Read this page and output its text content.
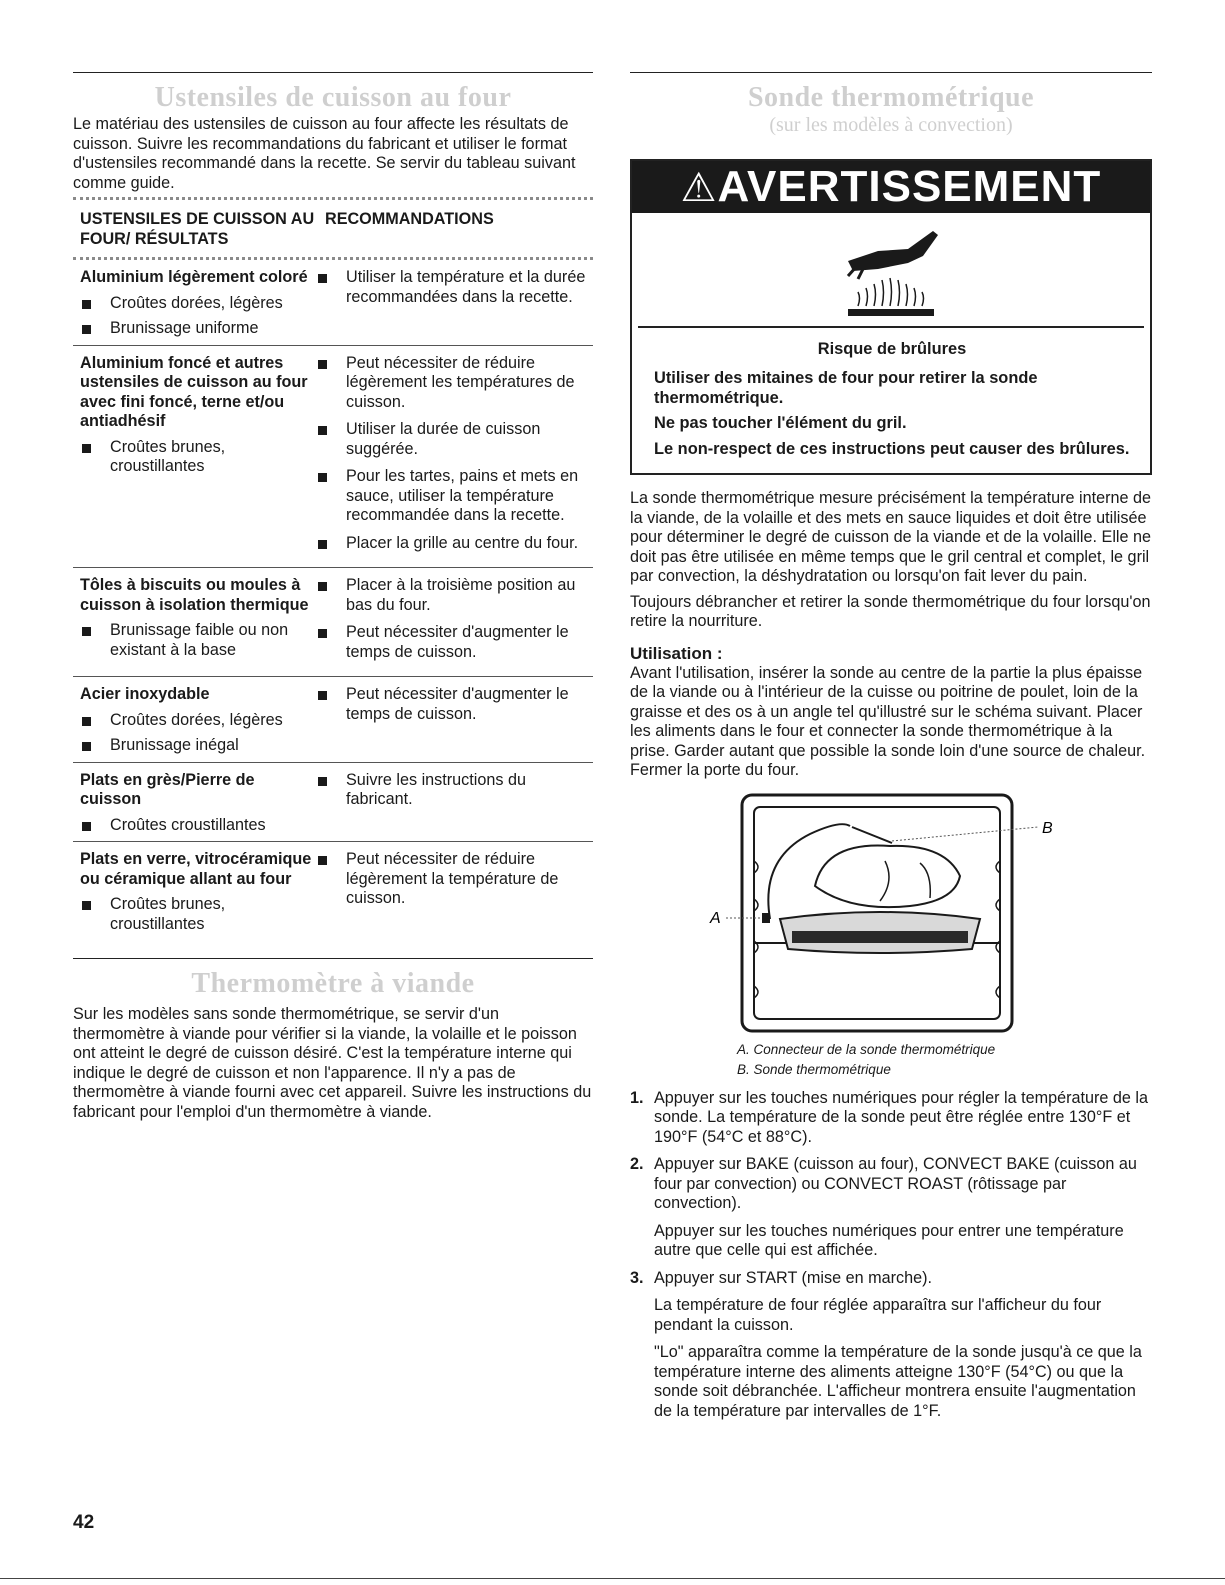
Ustensiles de cuisson au four

Le matériau des ustensiles de cuisson au four affecte les résultats de cuisson. Suivre les recommandations du fabricant et utiliser le format d'ustensiles recommandé dans la recette. Se servir du tableau suivant comme guide.

USTENSILES DE CUISSON AU FOUR/ RÉSULTATS
RECOMMANDATIONS
Aluminium légèrement coloré
Croûtes dorées, légères
Brunissage uniforme
Utiliser la température et la durée recommandées dans la recette.
Aluminium foncé et autres ustensiles de cuisson au four avec fini foncé, terne et/ou antiadhésif
Croûtes brunes, croustillantes
Peut nécessiter de réduire légèrement les températures de cuisson.
Utiliser la durée de cuisson suggérée.
Pour les tartes, pains et mets en sauce, utiliser la température recommandée dans la recette.
Placer la grille au centre du four.
Tôles à biscuits ou moules à cuisson à isolation thermique
Brunissage faible ou non existant à la base
Placer à la troisième position au bas du four.
Peut nécessiter d'augmenter le temps de cuisson.
Acier inoxydable
Croûtes dorées, légères
Brunissage inégal
Peut nécessiter d'augmenter le temps de cuisson.
Plats en grès/Pierre de cuisson
Croûtes croustillantes
Suivre les instructions du fabricant.
Plats en verre, vitrocéramique ou céramique allant au four
Croûtes brunes, croustillantes
Peut nécessiter de réduire légèrement la température de cuisson.
Thermomètre à viande

Sur les modèles sans sonde thermométrique, se servir d'un thermomètre à viande pour vérifier si la viande, la volaille et le poisson ont atteint le degré de cuisson désiré. C'est la température interne qui indique le degré de cuisson et non l'apparence. Il n'y a pas de thermomètre à viande fourni avec cet appareil. Suivre les instructions du fabricant pour l'emploi d'un thermomètre à viande.

Sonde thermométrique

(sur les modèles à convection)

⚠AVERTISSEMENT
Risque de brûlures
Utiliser des mitaines de four pour retirer la sonde thermométrique.
Ne pas toucher l'élément du gril.
Le non-respect de ces instructions peut causer des brûlures.

La sonde thermométrique mesure précisément la température interne de la viande, de la volaille et des mets en sauce liquides et doit être utilisée pour déterminer le degré de cuisson de la viande et de la volaille. Elle ne doit pas être utilisée en même temps que le gril central et complet, le gril par convection, la déshydratation ou lorsqu'on fait lever du pain.

Toujours débrancher et retirer la sonde thermométrique du four lorsqu'on retire la nourriture.

Utilisation :

Avant l'utilisation, insérer la sonde au centre de la partie la plus épaisse de la viande ou à l'intérieur de la cuisse ou poitrine de poulet, loin de la graisse et des os à un angle tel qu'illustré sur le schéma suivant. Placer les aliments dans le four et connecter la sonde thermométrique à la prise. Garder autant que possible la sonde loin d'une source de chaleur. Fermer la porte du four.

A
B
A. Connecteur de la sonde thermométrique
B. Sonde thermométrique
1. Appuyer sur les touches numériques pour régler la température de la sonde. La température de la sonde peut être réglée entre 130°F et 190°F (54°C et 88°C).
2. Appuyer sur BAKE (cuisson au four), CONVECT BAKE (cuisson au four par convection) ou CONVECT ROAST (rôtissage par convection).
Appuyer sur les touches numériques pour entrer une température autre que celle qui est affichée.
3. Appuyer sur START (mise en marche).
La température de four réglée apparaîtra sur l'afficheur du four pendant la cuisson.
"Lo" apparaîtra comme la température de la sonde jusqu'à ce que la température interne des aliments atteigne 130°F (54°C) ou que la sonde soit débranchée. L'afficheur montrera ensuite l'augmentation de la température par intervalles de 1°F.
42
